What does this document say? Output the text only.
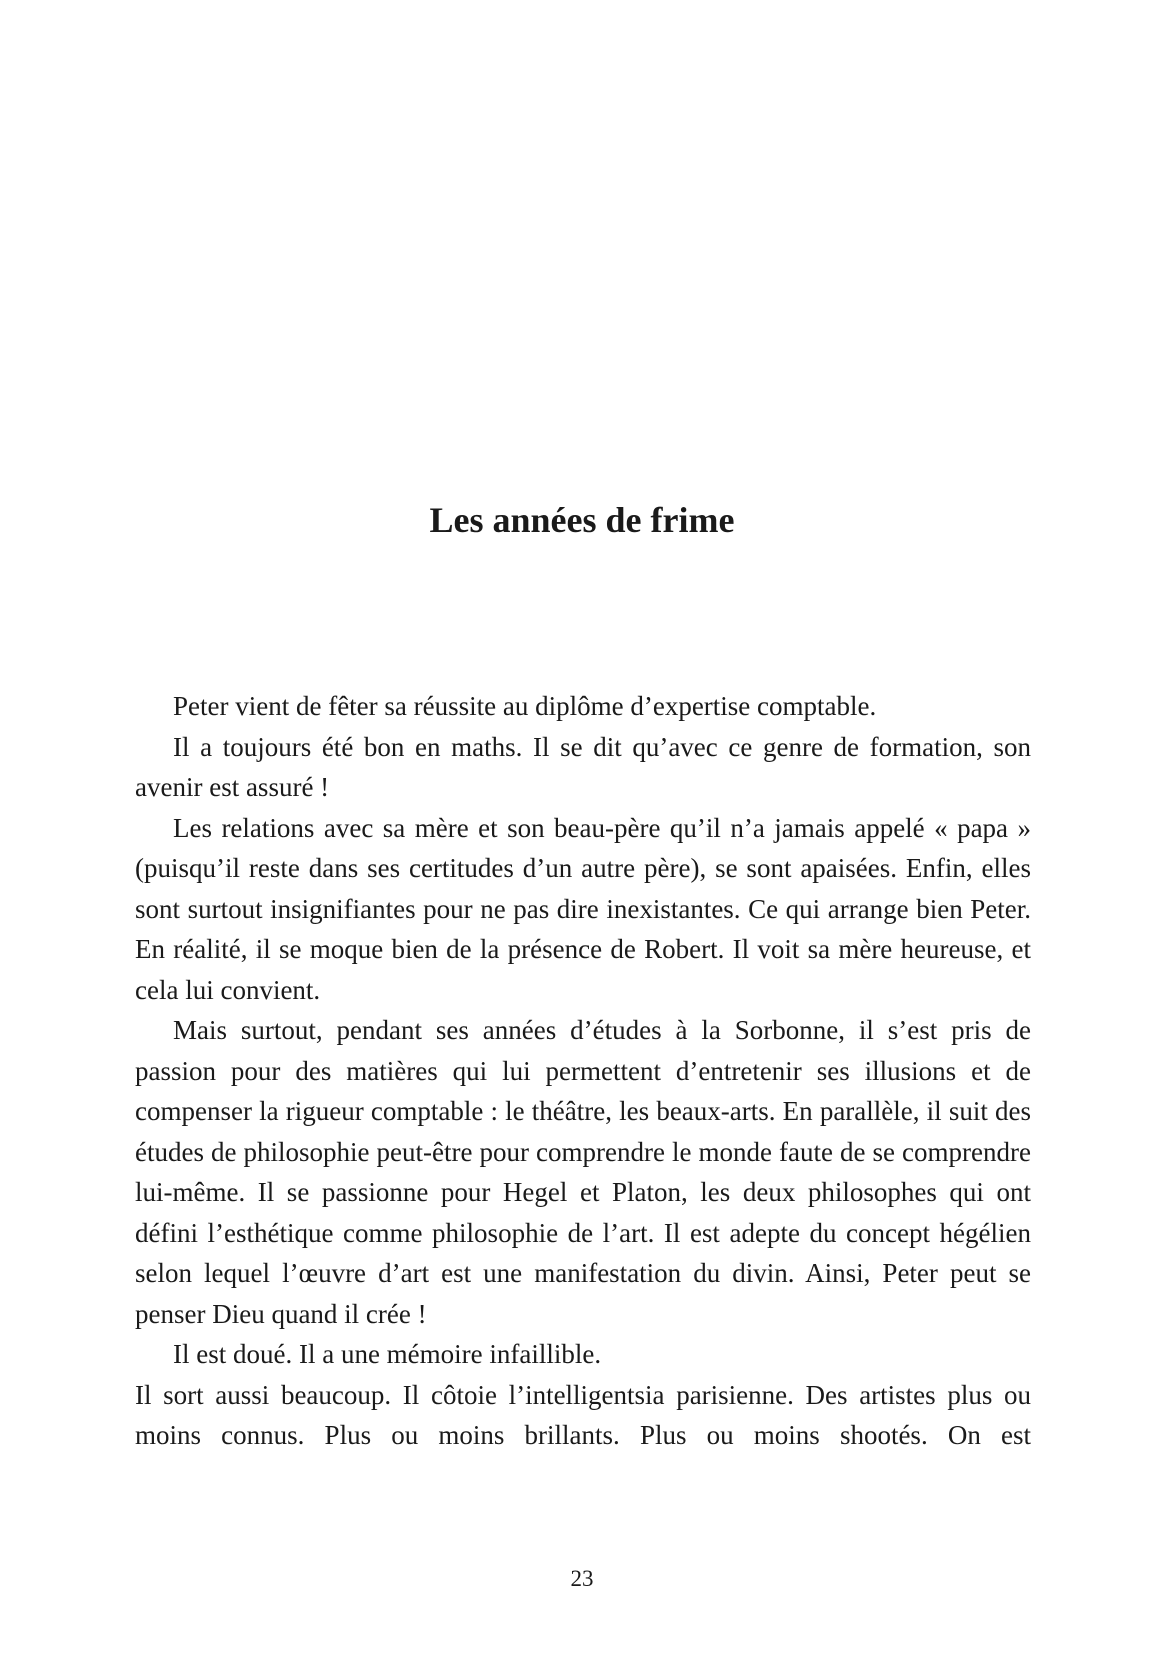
Les années de frime

Peter vient de fêter sa réussite au diplôme d’expertise comptable.

Il a toujours été bon en maths. Il se dit qu’avec ce genre de formation, son avenir est assuré !

Les relations avec sa mère et son beau-père qu’il n’a jamais appelé « papa » (puisqu’il reste dans ses certitudes d’un autre père), se sont apaisées. Enfin, elles sont surtout insignifiantes pour ne pas dire inexistantes. Ce qui arrange bien Peter. En réalité, il se moque bien de la présence de Robert. Il voit sa mère heureuse, et cela lui convient.

Mais surtout, pendant ses années d’études à la Sorbonne, il s’est pris de passion pour des matières qui lui permettent d’entretenir ses illusions et de compenser la rigueur comptable : le théâtre, les beaux-arts. En parallèle, il suit des études de philosophie peut-être pour comprendre le monde faute de se comprendre lui-même. Il se passionne pour Hegel et Platon, les deux philosophes qui ont défini l’esthétique comme philosophie de l’art. Il est adepte du concept hégélien selon lequel l’œuvre d’art est une manifestation du divin. Ainsi, Peter peut se penser Dieu quand il crée !

Il est doué. Il a une mémoire infaillible.

Il sort aussi beaucoup. Il côtoie l’intelligentsia parisienne. Des artistes plus ou moins connus. Plus ou moins brillants. Plus ou moins shootés. On est

23
